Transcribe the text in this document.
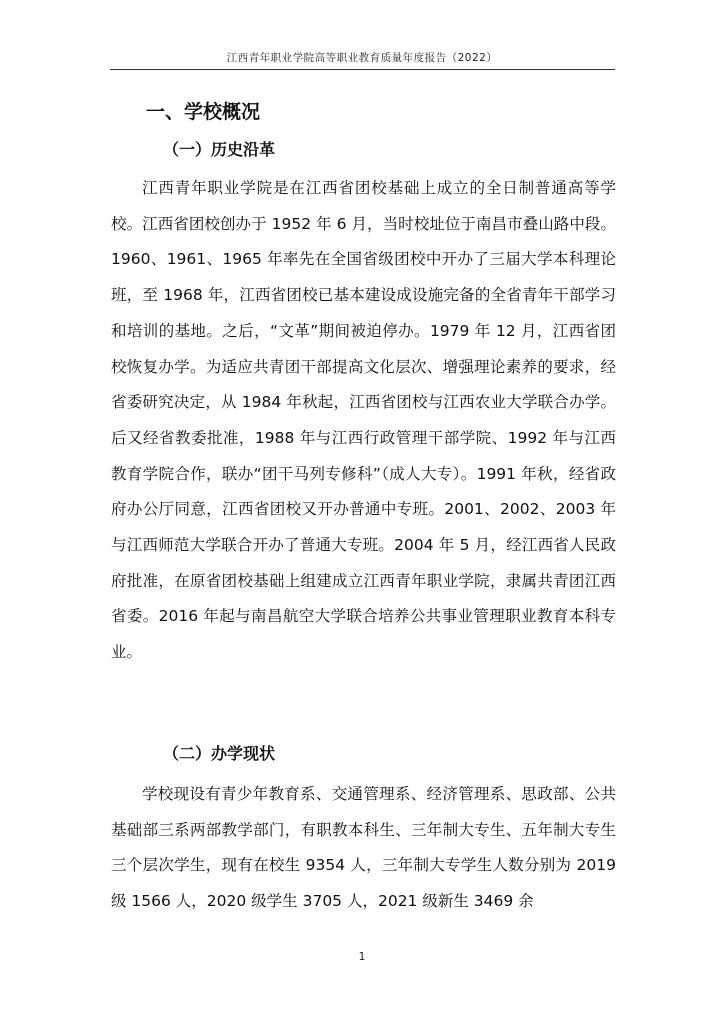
江西青年职业学院高等职业教育质量年度报告（2022）
一、学校概况
（一）历史沿革

江西青年职业学院是在江西省团校基础上成立的全日制普通高等学校。江西省团校创办于 1952 年 6 月，当时校址位于南昌市叠山路中段。1960、1961、1965 年率先在全国省级团校中开办了三届大学本科理论班，至 1968 年，江西省团校已基本建设成设施完备的全省青年干部学习和培训的基地。之后，“文革”期间被迫停办。1979 年 12 月，江西省团校恢复办学。为适应共青团干部提高文化层次、增强理论素养的要求，经省委研究决定，从 1984 年秋起，江西省团校与江西农业大学联合办学。后又经省教委批准，1988 年与江西行政管理干部学院、1992 年与江西教育学院合作，联办“团干马列专修科”（成人大专）。1991 年秋，经省政府办公厅同意，江西省团校又开办普通中专班。2001、2002、2003 年与江西师范大学联合开办了普通大专班。2004 年 5 月，经江西省人民政府批准，在原省团校基础上组建成立江西青年职业学院，隶属共青团江西省委。2016 年起与南昌航空大学联合培养公共事业管理职业教育本科专业。

（二）办学现状

学校现设有青少年教育系、交通管理系、经济管理系、思政部、公共基础部三系两部教学部门，有职教本科生、三年制大专生、五年制大专生三个层次学生，现有在校生 9354 人，三年制大专学生人数分别为 2019 级 1566 人，2020 级学生 3705 人，2021 级新生 3469 余

1
